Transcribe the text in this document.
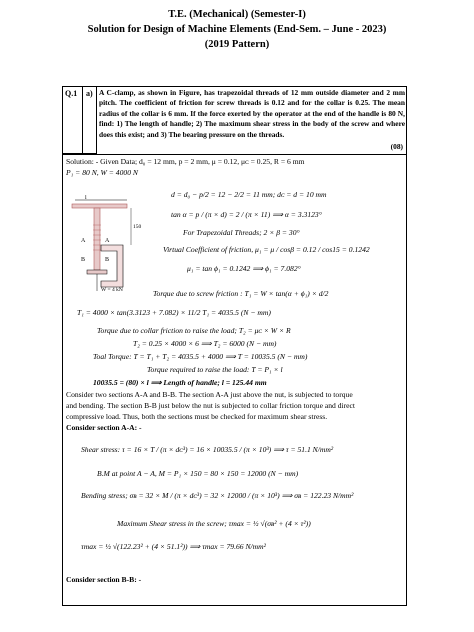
T.E. (Mechanical) (Semester-I)
Solution for Design of Machine Elements (End-Sem. – June - 2023)
(2019 Pattern)
Q.1	a) A C-clamp, as shown in Figure, has trapezoidal threads of 12 mm outside diameter and 2 mm pitch. The coefficient of friction for screw threads is 0.12 and for the collar is 0.25. The mean radius of the collar is 6 mm. If the force exerted by the operator at the end of the handle is 80 N, find: 1) The length of handle; 2) The maximum shear stress in the body of the screw and where does this exist; and 3) The bearing pressure on the threads.
(08)
Solution: - Given Data; d₀ = 12 mm, p = 2 mm, μ = 0.12, μᴄ = 0.25, R = 6 mm
P₁ = 80 N, W = 4000 N
l
150
A	A
B	B
W = 4 kN
d = d₀ − p/2 = 12 − 2/2 = 11 mm; dᴄ = d = 10 mm
tan α = p / (π × d) = 2 / (π × 11) ⟹ α = 3.3123°
For Trapezoidal Threads; 2 × β = 30°
Virtual Coefficient of friction, μ₁ = μ / cosβ = 0.12 / cos15 = 0.1242
μ₁ = tan ϕ₁ = 0.1242 ⟹ ϕ₁ = 7.082°
Torque due to screw friction : T₁ = W × tan(α + ϕ₁) × d/2
T₁ = 4000 × tan(3.3123 + 7.082) × 11/2 T₁ = 4035.5 (N − mm)
Torque due to collar friction to raise the load; T₂ = μᴄ × W × R
T₂ = 0.25 × 4000 × 6 ⟹ T₂ = 6000 (N − mm)
Toal Torque: T = T₁ + T₂ = 4035.5 + 4000 ⟹ T = 10035.5 (N − mm)
Torque required to raise the load: T = P₁ × l
10035.5 = (80) × l ⟹ Length of handle; l = 125.44 mm
Consider two sections A-A and B-B. The section A-A just above the nut, is subjected to torque
and bending. The section B-B just below the nut is subjected to collar friction torque and direct
compressive load. Thus, both the sections must be checked for maximum shear stress.
Consider section A-A: -
Shear stress: τ = 16 × T / (π × dᴄ³) = 16 × 10035.5 / (π × 10³) ⟹ τ = 51.1 N/mm²
B.M at point A − A, M = P₁ × 150 = 80 × 150 = 12000 (N − mm)
Bending stress; σʙ = 32 × M / (π × dᴄ³) = 32 × 12000 / (π × 10³) ⟹ σʙ = 122.23 N/mm²
Maximum Shear stress in the screw; τmax = ½ √(σʙ² + (4 × τ²))
τmax = ½ √(122.23² + (4 × 51.1²)) ⟹ τmax = 79.66 N/mm²
Consider section B-B: -
